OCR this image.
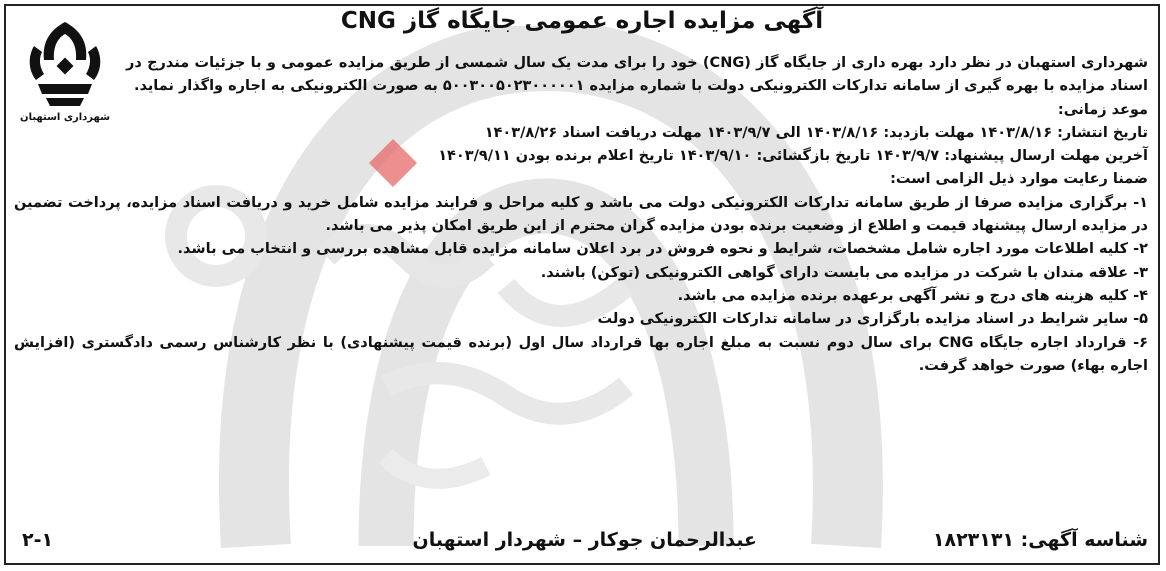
شهرداری استهبان
آگهی مزایده اجاره عمومی جایگاه گاز CNG

شهرداری استهبان در نظر دارد بهره داری از جایگاه گاز (CNG) خود را برای مدت یک سال شمسی از طریق مزایده عمومی و با جزئیات مندرج در اسناد مزایده با بهره گیری از سامانه تدارکات الکترونیکی دولت با شماره مزایده ۵۰۰۳۰۰۵۰۲۳۰۰۰۰۰۱ به صورت الکترونیکی به اجاره واگذار نماید.

موعد زمانی:

تاریخ انتشار: ۱۴۰۳/۸/۱۶ مهلت بازدید: ۱۴۰۳/۸/۱۶ الی ۱۴۰۳/۹/۷ مهلت دریافت اسناد ۱۴۰۳/۸/۲۶

آخرین مهلت ارسال پیشنهاد: ۱۴۰۳/۹/۷ تاریخ بازگشائی: ۱۴۰۳/۹/۱۰ تاریخ اعلام برنده بودن ۱۴۰۳/۹/۱۱

ضمنا رعایت موارد ذیل الزامی است:

۱- برگزاری مزایده صرفا از طریق سامانه تدارکات الکترونیکی دولت می باشد و کلیه مراحل و فرایند مزایده شامل خرید و دریافت اسناد مزایده، پرداخت تضمین در مزایده ارسال پیشنهاد قیمت و اطلاع از وضعیت برنده بودن مزایده گران محترم از این طریق امکان پذیر می باشد.

۲- کلیه اطلاعات مورد اجاره شامل مشخصات، شرایط و نحوه فروش در برد اعلان سامانه مزایده قابل مشاهده بررسی و انتخاب می باشد.

۳- علاقه مندان با شرکت در مزایده می بایست دارای گواهی الکترونیکی (توکن) باشند.

۴- کلیه هزینه های درج و نشر آگهی برعهده برنده مزایده می باشد.

۵- سایر شرایط در اسناد مزایده بارگزاری در سامانه تدارکات الکترونیکی دولت

۶- قرارداد اجاره جایگاه CNG برای سال دوم نسبت به مبلغ اجاره بها قرارداد سال اول (برنده قیمت پیشنهادی) با نظر کارشناس رسمی دادگستری (افزایش اجاره بهاء) صورت خواهد گرفت.

شناسه آگهی: ۱۸۲۳۱۳۱
عبدالرحمان جوکار – شهردار استهبان
۲-۱
